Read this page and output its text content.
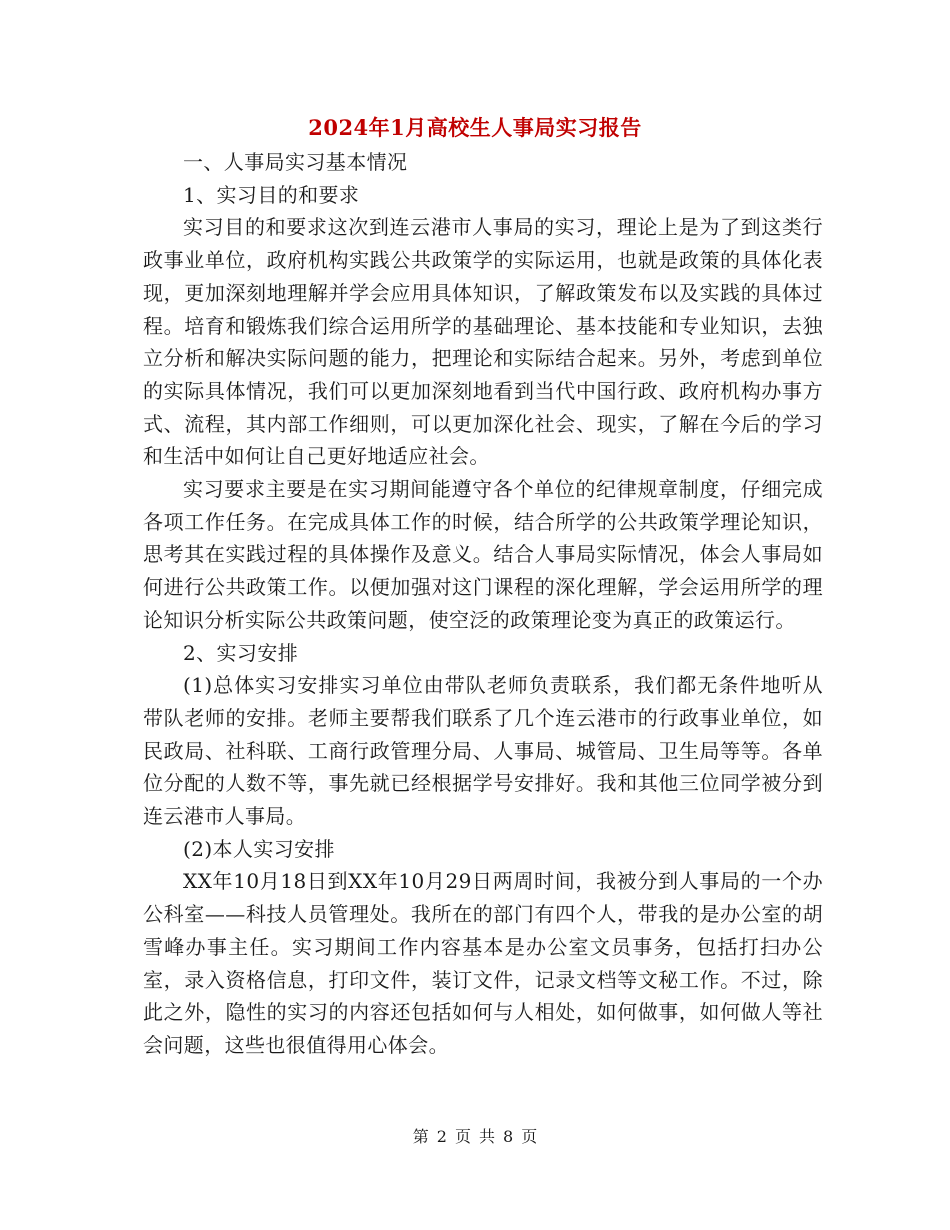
2024年1月高校生人事局实习报告

一、人事局实习基本情况

1、实习目的和要求

实习目的和要求这次到连云港市人事局的实习，理论上是为了到这类行政事业单位，政府机构实践公共政策学的实际运用，也就是政策的具体化表现，更加深刻地理解并学会应用具体知识，了解政策发布以及实践的具体过程。培育和锻炼我们综合运用所学的基础理论、基本技能和专业知识，去独立分析和解决实际问题的能力，把理论和实际结合起来。另外，考虑到单位的实际具体情况，我们可以更加深刻地看到当代中国行政、政府机构办事方式、流程，其内部工作细则，可以更加深化社会、现实，了解在今后的学习和生活中如何让自己更好地适应社会。

实习要求主要是在实习期间能遵守各个单位的纪律规章制度，仔细完成各项工作任务。在完成具体工作的时候，结合所学的公共政策学理论知识，思考其在实践过程的具体操作及意义。结合人事局实际情况，体会人事局如何进行公共政策工作。以便加强对这门课程的深化理解，学会运用所学的理论知识分析实际公共政策问题，使空泛的政策理论变为真正的政策运行。

2、实习安排

(1)总体实习安排实习单位由带队老师负责联系，我们都无条件地听从带队老师的安排。老师主要帮我们联系了几个连云港市的行政事业单位，如民政局、社科联、工商行政管理分局、人事局、城管局、卫生局等等。各单位分配的人数不等，事先就已经根据学号安排好。我和其他三位同学被分到连云港市人事局。

(2)本人实习安排

XX年10月18日到XX年10月29日两周时间，我被分到人事局的一个办公科室——科技人员管理处。我所在的部门有四个人，带我的是办公室的胡雪峰办事主任。实习期间工作内容基本是办公室文员事务，包括打扫办公室，录入资格信息，打印文件，装订文件，记录文档等文秘工作。不过，除此之外，隐性的实习的内容还包括如何与人相处，如何做事，如何做人等社会问题，这些也很值得用心体会。

第 2 页 共 8 页
